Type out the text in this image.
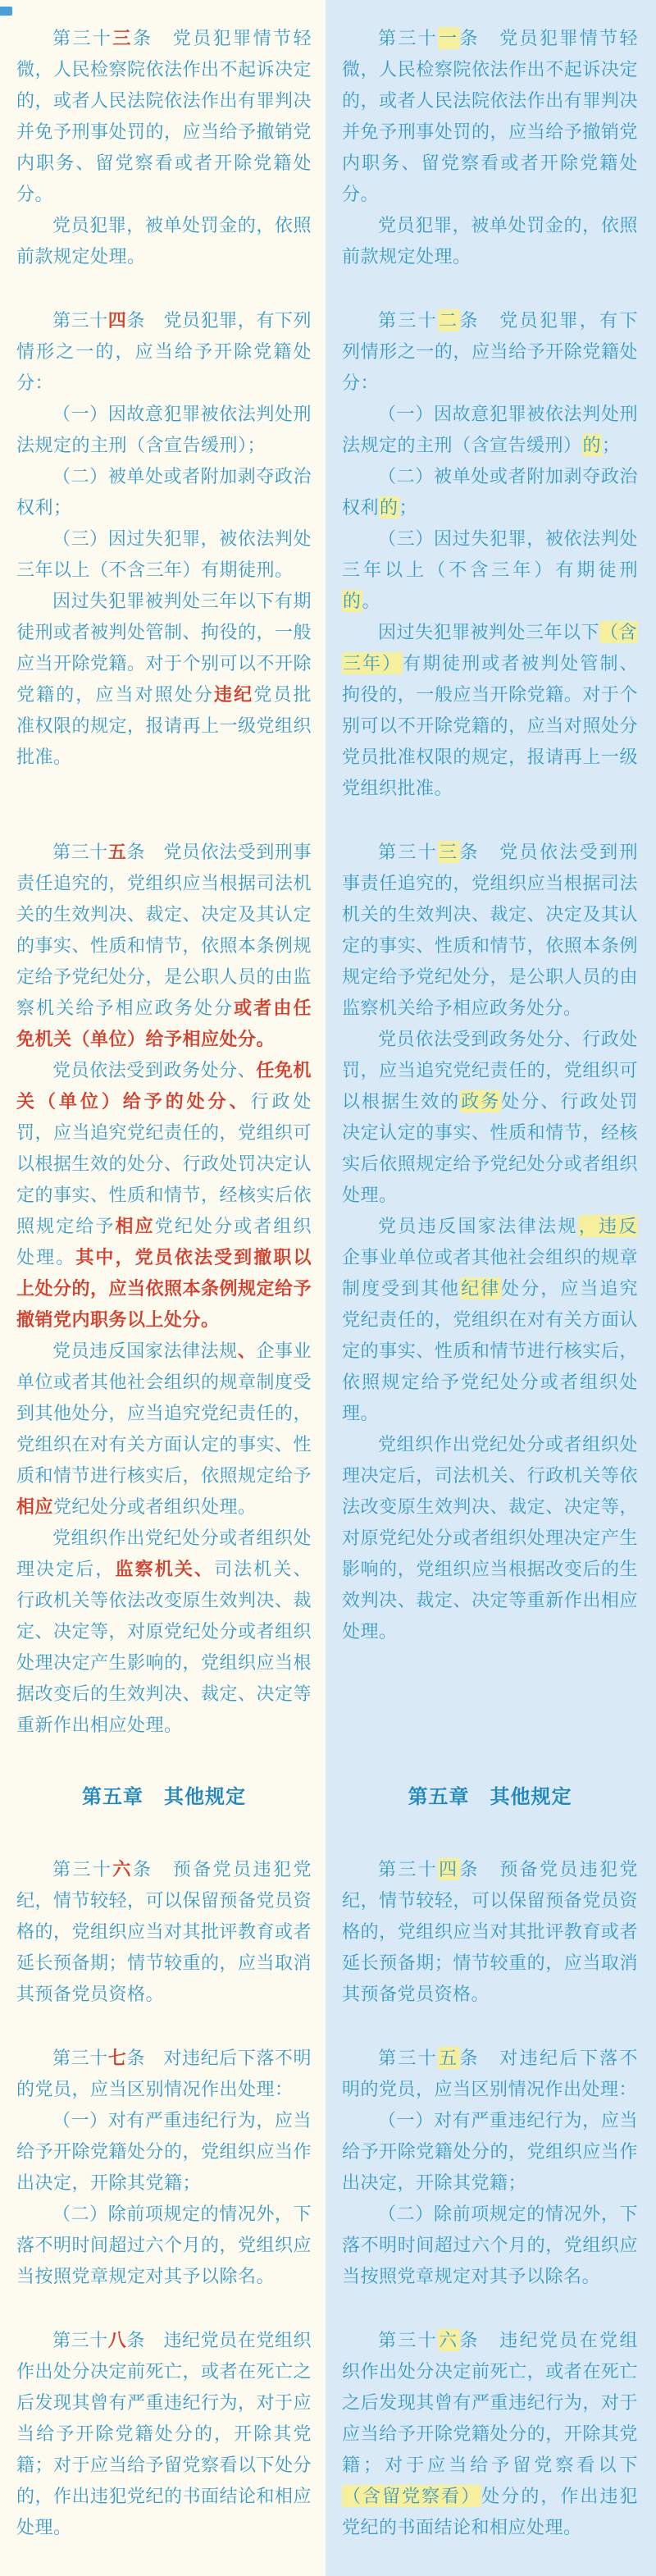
第三十三条　党员犯罪情节轻微，人民检察院依法作出不起诉决定的，或者人民法院依法作出有罪判决并免予刑事处罚的，应当给予撤销党内职务、留党察看或者开除党籍处分。

党员犯罪，被单处罚金的，依照前款规定处理。

第三十一条　党员犯罪情节轻微，人民检察院依法作出不起诉决定的，或者人民法院依法作出有罪判决并免予刑事处罚的，应当给予撤销党内职务、留党察看或者开除党籍处分。

党员犯罪，被单处罚金的，依照前款规定处理。

第三十四条　党员犯罪，有下列情形之一的，应当给予开除党籍处分：

（一）因故意犯罪被依法判处刑法规定的主刑（含宣告缓刑）；

（二）被单处或者附加剥夺政治权利；

（三）因过失犯罪，被依法判处三年以上（不含三年）有期徒刑。

因过失犯罪被判处三年以下有期徒刑或者被判处管制、拘役的，一般应当开除党籍。对于个别可以不开除党籍的，应当对照处分违纪党员批准权限的规定，报请再上一级党组织批准。

第三十二条　党员犯罪，有下列情形之一的，应当给予开除党籍处分：

（一）因故意犯罪被依法判处刑法规定的主刑（含宣告缓刑）的；

（二）被单处或者附加剥夺政治权利的；

（三）因过失犯罪，被依法判处三年以上（不含三年）有期徒刑的。

因过失犯罪被判处三年以下（含三年）有期徒刑或者被判处管制、拘役的，一般应当开除党籍。对于个别可以不开除党籍的，应当对照处分党员批准权限的规定，报请再上一级党组织批准。

第三十五条　党员依法受到刑事责任追究的，党组织应当根据司法机关的生效判决、裁定、决定及其认定的事实、性质和情节，依照本条例规定给予党纪处分，是公职人员的由监察机关给予相应政务处分或者由任免机关（单位）给予相应处分。

党员依法受到政务处分、任免机关（单位）给予的处分、行政处罚，应当追究党纪责任的，党组织可以根据生效的处分、行政处罚决定认定的事实、性质和情节，经核实后依照规定给予相应党纪处分或者组织处理。其中，党员依法受到撤职以上处分的，应当依照本条例规定给予撤销党内职务以上处分。

党员违反国家法律法规、企事业单位或者其他社会组织的规章制度受到其他处分，应当追究党纪责任的，党组织在对有关方面认定的事实、性质和情节进行核实后，依照规定给予相应党纪处分或者组织处理。

党组织作出党纪处分或者组织处理决定后，监察机关、司法机关、行政机关等依法改变原生效判决、裁定、决定等，对原党纪处分或者组织处理决定产生影响的，党组织应当根据改变后的生效判决、裁定、决定等重新作出相应处理。

第三十三条　党员依法受到刑事责任追究的，党组织应当根据司法机关的生效判决、裁定、决定及其认定的事实、性质和情节，依照本条例规定给予党纪处分，是公职人员的由监察机关给予相应政务处分。

党员依法受到政务处分、行政处罚，应当追究党纪责任的，党组织可以根据生效的政务处分、行政处罚决定认定的事实、性质和情节，经核实后依照规定给予党纪处分或者组织处理。

党员违反国家法律法规，违反企事业单位或者其他社会组织的规章制度受到其他纪律处分，应当追究党纪责任的，党组织在对有关方面认定的事实、性质和情节进行核实后，依照规定给予党纪处分或者组织处理。

党组织作出党纪处分或者组织处理决定后，司法机关、行政机关等依法改变原生效判决、裁定、决定等，对原党纪处分或者组织处理决定产生影响的，党组织应当根据改变后的生效判决、裁定、决定等重新作出相应处理。

第五章　其他规定	第五章　其他规定

第三十六条　预备党员违犯党纪，情节较轻，可以保留预备党员资格的，党组织应当对其批评教育或者延长预备期；情节较重的，应当取消其预备党员资格。

第三十四条　预备党员违犯党纪，情节较轻，可以保留预备党员资格的，党组织应当对其批评教育或者延长预备期；情节较重的，应当取消其预备党员资格。

第三十七条　对违纪后下落不明的党员，应当区别情况作出处理：

（一）对有严重违纪行为，应当给予开除党籍处分的，党组织应当作出决定，开除其党籍；

（二）除前项规定的情况外，下落不明时间超过六个月的，党组织应当按照党章规定对其予以除名。

第三十五条　对违纪后下落不明的党员，应当区别情况作出处理：

（一）对有严重违纪行为，应当给予开除党籍处分的，党组织应当作出决定，开除其党籍；

（二）除前项规定的情况外，下落不明时间超过六个月的，党组织应当按照党章规定对其予以除名。

第三十八条　违纪党员在党组织作出处分决定前死亡，或者在死亡之后发现其曾有严重违纪行为，对于应当给予开除党籍处分的，开除其党籍；对于应当给予留党察看以下处分的，作出违犯党纪的书面结论和相应处理。

第三十六条　违纪党员在党组织作出处分决定前死亡，或者在死亡之后发现其曾有严重违纪行为，对于应当给予开除党籍处分的，开除其党籍；对于应当给予留党察看以下（含留党察看）处分的，作出违犯党纪的书面结论和相应处理。
